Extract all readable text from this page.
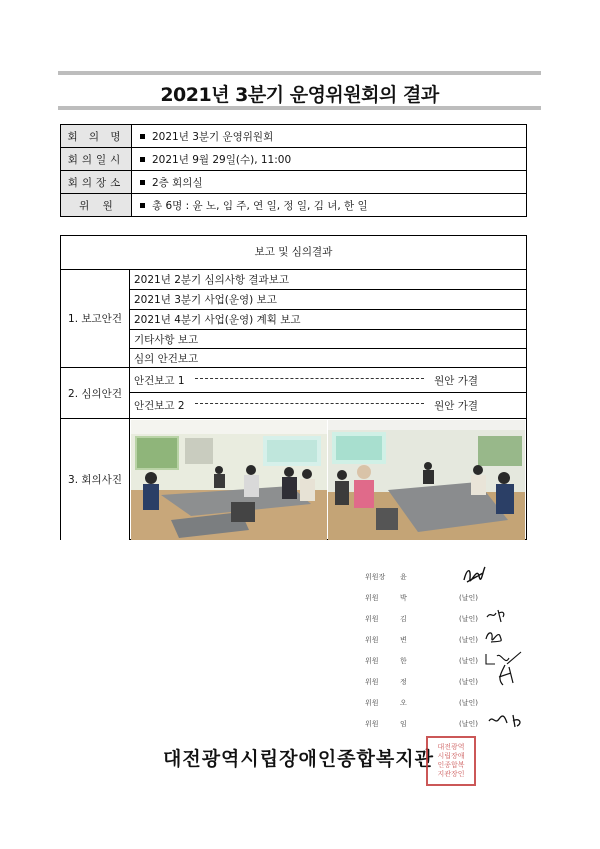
2021년 3분기 운영위원회의 결과
회 의 명	2021년 3분기 운영위원회
회의일시	2021년 9월 29일(수), 11:00
회의장소	2층 회의실
위    원	총 6명 : 윤 노, 임 주, 연 일, 정 일, 김 녀, 한 일
보고 및 심의결과
1. 보고안건
2021년 2분기 심의사항 결과보고
2021년 3분기 사업(운영) 보고
2021년 4분기 사업(운영) 계획 보고
기타사항 보고
심의 안건보고
2. 심의안건
안건보고 1	원안 가결
안건보고 2	원안 가결
3. 회의사진
위원장	윤
위원	박	(날인)
위원	김	(날인)
위원	변	(날인)
위원	한	(날인)
위원	정	(날인)
위원	오	(날인)
위원	임	(날인)
대전광역시립장애인종합복지관
대전광역
시립장애
인종합복
지관장인
